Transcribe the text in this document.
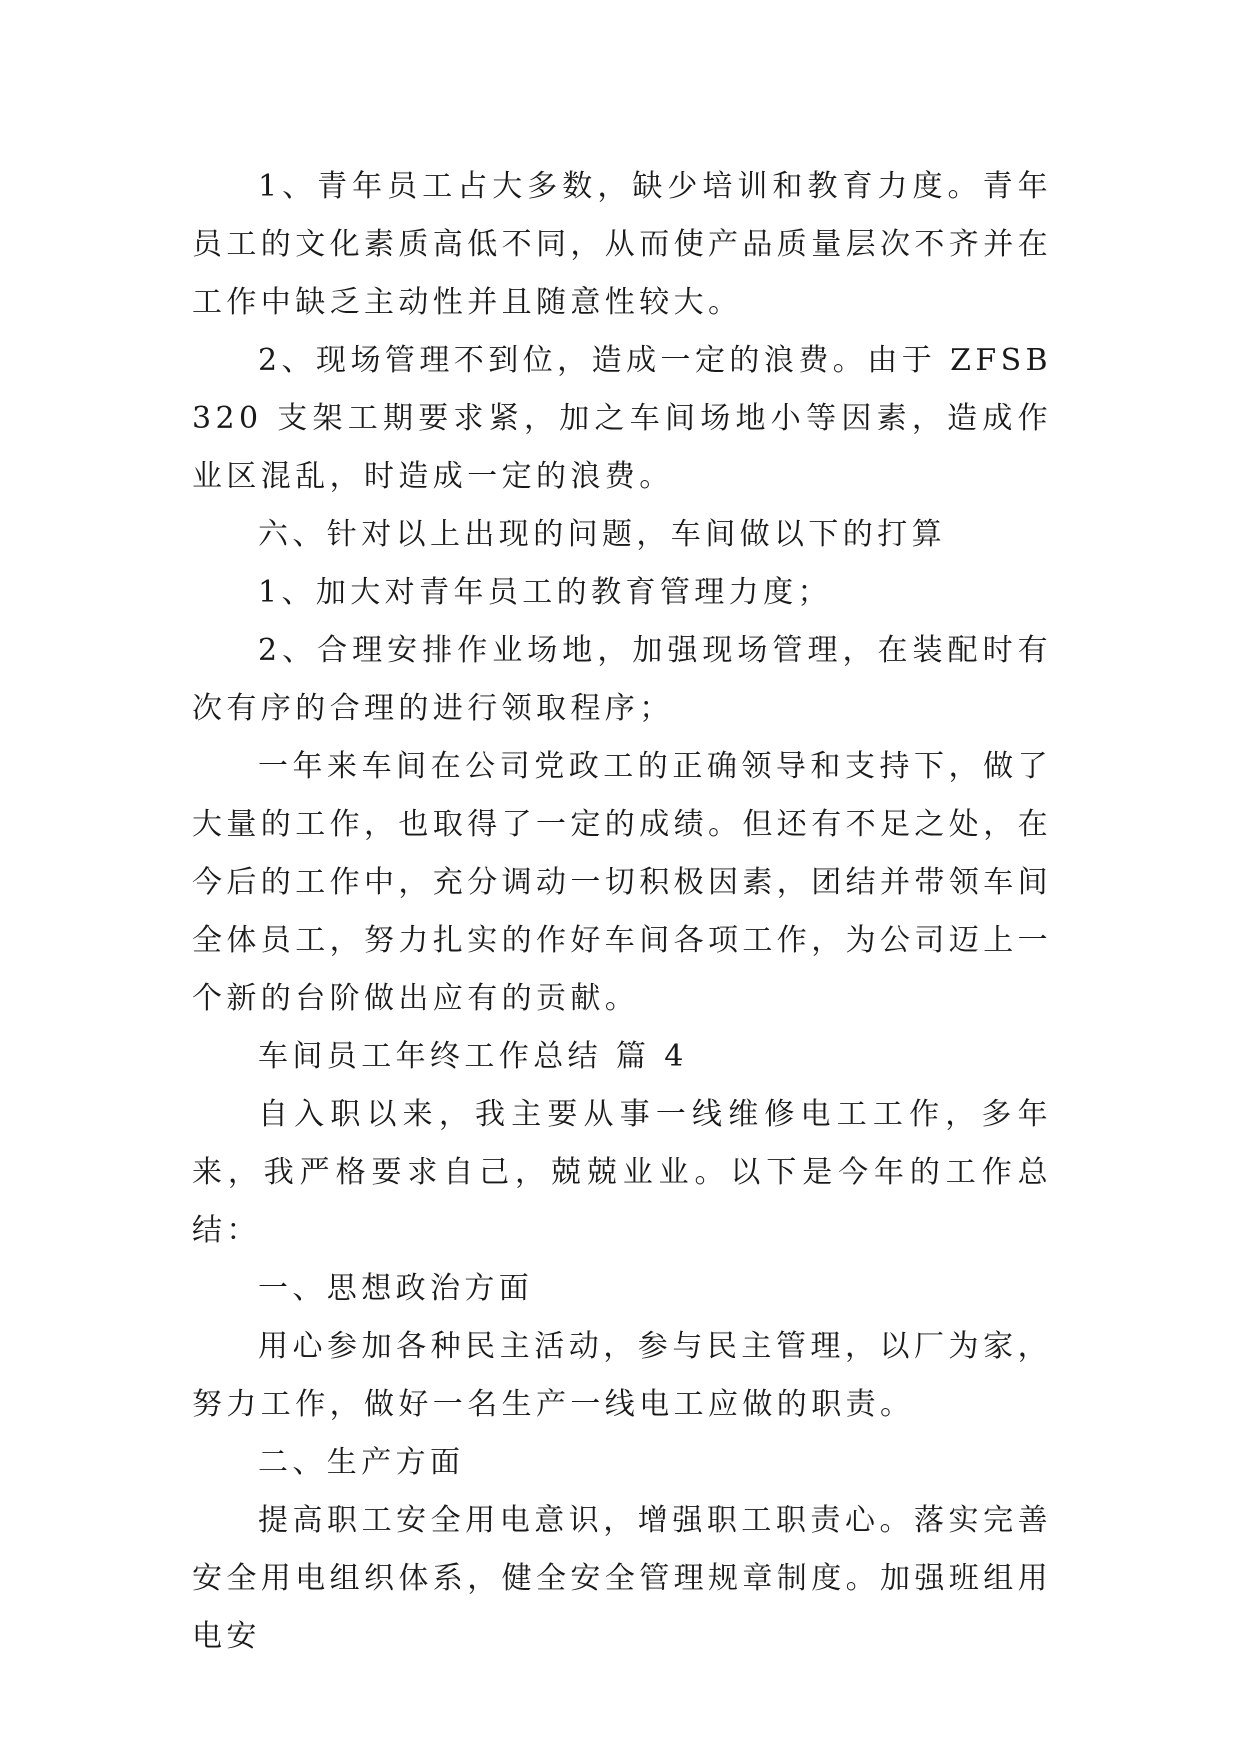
1、青年员工占大多数，缺少培训和教育力度。青年员工的文化素质高低不同，从而使产品质量层次不齐并在工作中缺乏主动性并且随意性较大。

2、现场管理不到位，造成一定的浪费。由于 ZFSB320 支架工期要求紧，加之车间场地小等因素，造成作业区混乱，时造成一定的浪费。

六、针对以上出现的问题，车间做以下的打算

1、加大对青年员工的教育管理力度；

2、合理安排作业场地，加强现场管理，在装配时有次有序的合理的进行领取程序；

一年来车间在公司党政工的正确领导和支持下，做了大量的工作，也取得了一定的成绩。但还有不足之处，在今后的工作中，充分调动一切积极因素，团结并带领车间全体员工，努力扎实的作好车间各项工作，为公司迈上一个新的台阶做出应有的贡献。

车间员工年终工作总结 篇 4

自入职以来，我主要从事一线维修电工工作，多年来，我严格要求自己，兢兢业业。以下是今年的工作总结：

一、思想政治方面

用心参加各种民主活动，参与民主管理，以厂为家，努力工作，做好一名生产一线电工应做的职责。

二、生产方面

提高职工安全用电意识，增强职工职责心。落实完善安全用电组织体系，健全安全管理规章制度。加强班组用电安
